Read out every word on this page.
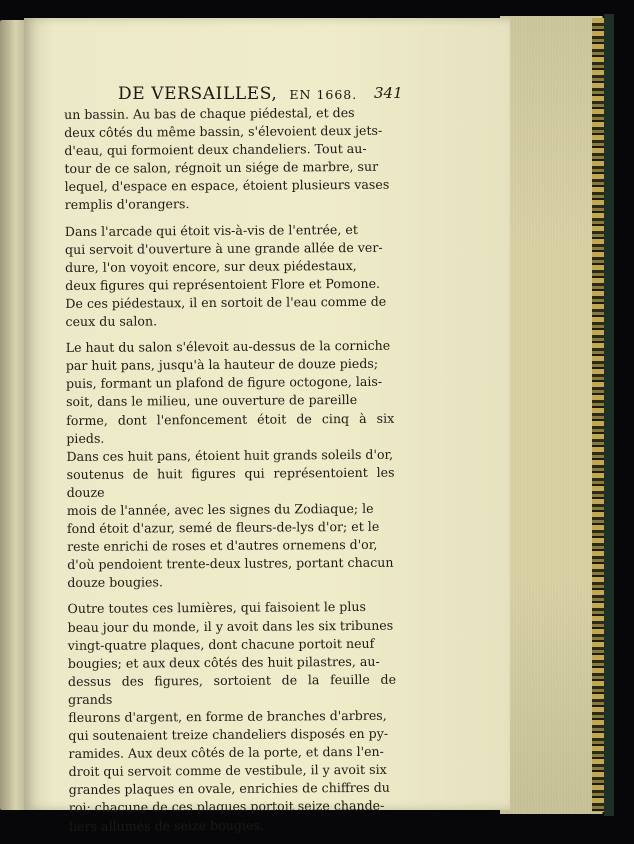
DE VERSAILLES, EN 1668. 341

un bassin. Au bas de chaque piédestal, et des
deux côtés du même bassin, s'élevoient deux jets-
d'eau, qui formoient deux chandeliers. Tout au-
tour de ce salon, régnoit un siége de marbre, sur
lequel, d'espace en espace, étoient plusieurs vases
remplis d'orangers.

Dans l'arcade qui étoit vis-à-vis de l'entrée, et
qui servoit d'ouverture à une grande allée de ver-
dure, l'on voyoit encore, sur deux piédestaux,
deux figures qui représentoient Flore et Pomone.
De ces piédestaux, il en sortoit de l'eau comme de
ceux du salon.

Le haut du salon s'élevoit au-dessus de la corniche
par huit pans, jusqu'à la hauteur de douze pieds;
puis, formant un plafond de figure octogone, lais-
soit, dans le milieu, une ouverture de pareille
forme, dont l'enfoncement étoit de cinq à six pieds.
Dans ces huit pans, étoient huit grands soleils d'or,
soutenus de huit figures qui représentoient les douze
mois de l'année, avec les signes du Zodiaque; le
fond étoit d'azur, semé de fleurs-de-lys d'or; et le
reste enrichi de roses et d'autres ornemens d'or,
d'où pendoient trente-deux lustres, portant chacun
douze bougies.

Outre toutes ces lumières, qui faisoient le plus
beau jour du monde, il y avoit dans les six tribunes
vingt-quatre plaques, dont chacune portoit neuf
bougies; et aux deux côtés des huit pilastres, au-
dessus des figures, sortoient de la feuille de grands
fleurons d'argent, en forme de branches d'arbres,
qui soutenaient treize chandeliers disposés en py-
ramides. Aux deux côtés de la porte, et dans l'en-
droit qui servoit comme de vestibule, il y avoit six
grandes plaques en ovale, enrichies de chiffres du
roi; chacune de ces plaques portoit seize chande-
liers allumés de seize bougies.
